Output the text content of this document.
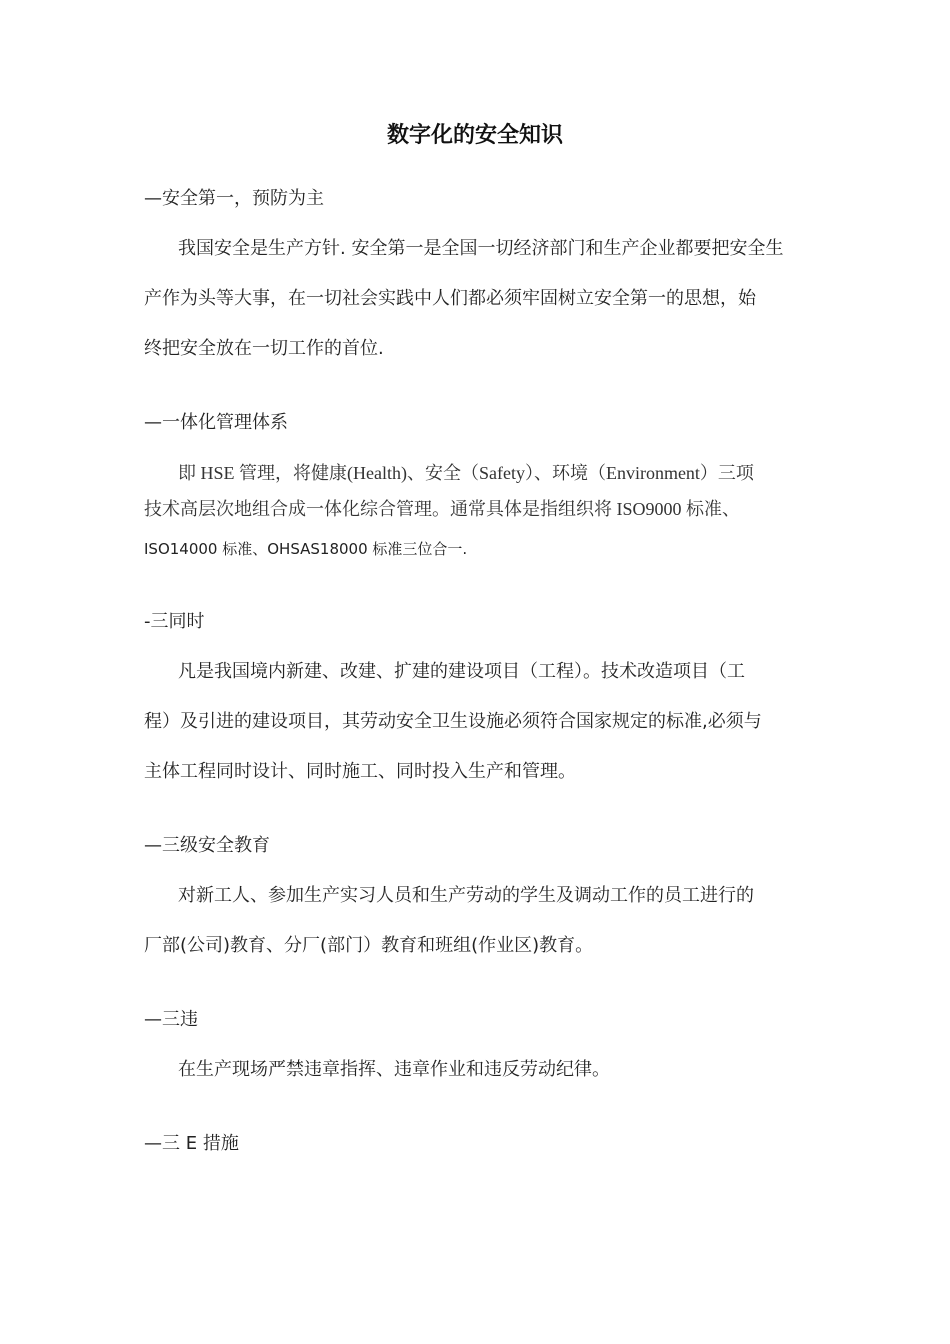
数字化的安全知识
—安全第一，预防为主
我国安全是生产方针. 安全第一是全国一切经济部门和生产企业都要把安全生
产作为头等大事，在一切社会实践中人们都必须牢固树立安全第一的思想，始
终把安全放在一切工作的首位.
—一体化管理体系
即 HSE 管理，将健康(Health)、安全（Safety）、环境（Environment）三项
技术高层次地组合成一体化综合管理。通常具体是指组织将 ISO9000 标准、
ISO14000 标准、OHSAS18000 标准三位合一.
-三同时
凡是我国境内新建、改建、扩建的建设项目（工程）。技术改造项目（工
程）及引进的建设项目，其劳动安全卫生设施必须符合国家规定的标准,必须与
主体工程同时设计、同时施工、同时投入生产和管理。
—三级安全教育
对新工人、参加生产实习人员和生产劳动的学生及调动工作的员工进行的
厂部(公司)教育、分厂(部门）教育和班组(作业区)教育。
—三违
在生产现场严禁违章指挥、违章作业和违反劳动纪律。
—三 E 措施
